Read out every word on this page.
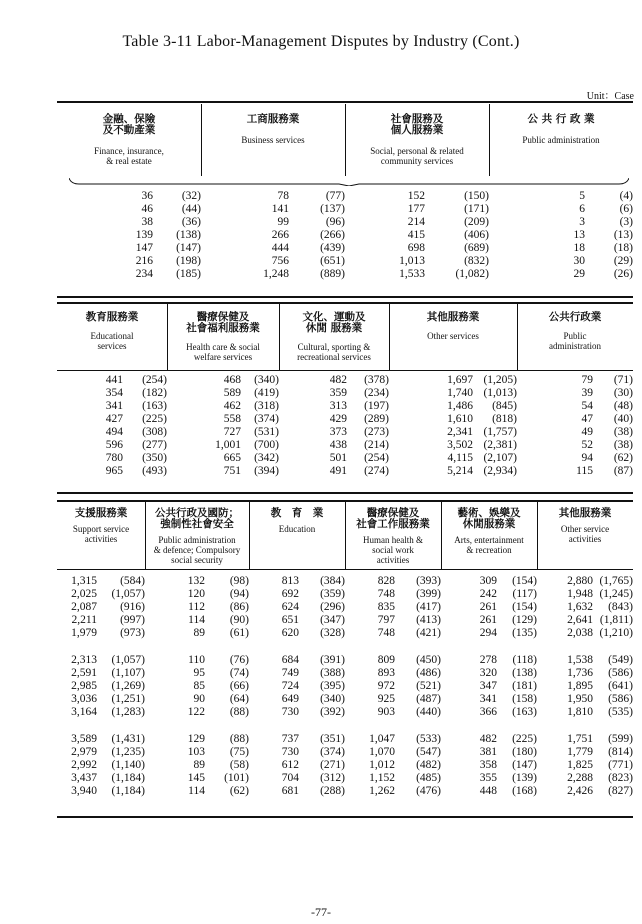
Table 3-11 Labor-Management Disputes by Industry (Cont.)
Unit：Case
金融、保險
及不動產業
Finance, insurance,
& real estate
工商服務業
Business services
社會服務及
個人服務業
Social, personal & related
community services
公 共 行 政 業
Public administration
36	(32)	78	(77)	152	(150)	5	(4)
46	(44)	141	(137)	177	(171)	6	(6)
38	(36)	99	(96)	214	(209)	3	(3)
139	(138)	266	(266)	415	(406)	13	(13)
147	(147)	444	(439)	698	(689)	18	(18)
216	(198)	756	(651)	1,013	(832)	30	(29)
234	(185)	1,248	(889)	1,533	(1,082)	29	(26)
教育服務業
Educational
services
醫療保健及
社會福利服務業
Health care & social
welfare services
文化、運動及
休閒 服務業
Cultural, sporting &
recreational services
其他服務業
Other services
公共行政業
Public
administration
441	(254)	468	(340)	482	(378)	1,697	(1,205)	79	(71)
354	(182)	589	(419)	359	(234)	1,740	(1,013)	39	(30)
341	(163)	462	(318)	313	(197)	1,486	(845)	54	(48)
427	(225)	558	(374)	429	(289)	1,610	(818)	47	(40)
494	(308)	727	(531)	373	(273)	2,341	(1,757)	49	(38)
596	(277)	1,001	(700)	438	(214)	3,502	(2,381)	52	(38)
780	(350)	665	(342)	501	(254)	4,115	(2,107)	94	(62)
965	(493)	751	(394)	491	(274)	5,214	(2,934)	115	(87)
支援服務業
Support service
activities
公共行政及國防；
強制性社會安全
Public administration
& defence; Compulsory
social security
教　育　業
Education
醫療保健及
社會工作服務業
Human health &
social work
activities
藝術、娛樂及
休閒服務業
Arts, entertainment
& recreation
其他服務業
Other service
activities
1,315	(584)	132	(98)	813	(384)	828	(393)	309	(154)	2,880	(1,765)
2,025	(1,057)	120	(94)	692	(359)	748	(399)	242	(117)	1,948	(1,245)
2,087	(916)	112	(86)	624	(296)	835	(417)	261	(154)	1,632	(843)
2,211	(997)	114	(90)	651	(347)	797	(413)	261	(129)	2,641	(1,811)
1,979	(973)	89	(61)	620	(328)	748	(421)	294	(135)	2,038	(1,210)

2,313	(1,057)	110	(76)	684	(391)	809	(450)	278	(118)	1,538	(549)
2,591	(1,107)	95	(74)	749	(388)	893	(486)	320	(138)	1,736	(586)
2,985	(1,269)	85	(66)	724	(395)	972	(521)	347	(181)	1,895	(641)
3,036	(1,251)	90	(64)	649	(340)	925	(487)	341	(158)	1,950	(586)
3,164	(1,283)	122	(88)	730	(392)	903	(440)	366	(163)	1,810	(535)

3,589	(1,431)	129	(88)	737	(351)	1,047	(533)	482	(225)	1,751	(599)
2,979	(1,235)	103	(75)	730	(374)	1,070	(547)	381	(180)	1,779	(814)
2,992	(1,140)	89	(58)	612	(271)	1,012	(482)	358	(147)	1,825	(771)
3,437	(1,184)	145	(101)	704	(312)	1,152	(485)	355	(139)	2,288	(823)
3,940	(1,184)	114	(62)	681	(288)	1,262	(476)	448	(168)	2,426	(827)
-77-
